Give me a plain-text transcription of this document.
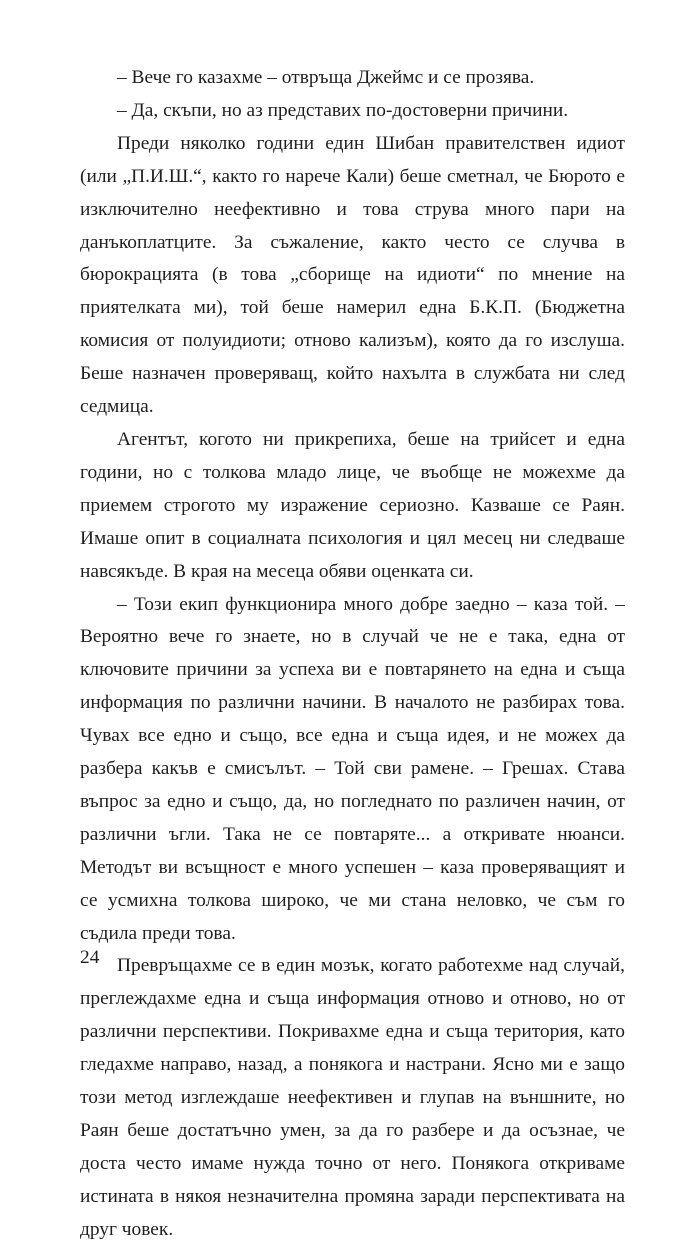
– Вече го казахме – отвръща Джеймс и се прозява.

– Да, скъпи, но аз представих по-достоверни причини.

Преди няколко години един Шибан правителствен идиот (или „П.И.Ш.“, както го нарече Кали) беше сметнал, че Бюрото е изключително неефективно и това струва много пари на данъкоплатците. За съжаление, както често се случва в бюрокрацията (в това „сборище на идиоти“ по мнение на приятелката ми), той беше намерил една Б.К.П. (Бюджетна комисия от полуидиоти; отново кализъм), която да го изслуша. Беше назначен проверяващ, който нахълта в службата ни след седмица.

Агентът, когото ни прикрепиха, беше на трийсет и една години, но с толкова младо лице, че въобще не можехме да приемем строгото му изражение сериозно. Казваше се Раян. Имаше опит в социалната психология и цял месец ни следваше навсякъде. В края на месеца обяви оценката си.

– Този екип функционира много добре заедно – каза той. – Вероятно вече го знаете, но в случай че не е така, една от ключовите причини за успеха ви е повтарянето на една и съща информация по различни начини. В началото не разбирах това. Чувах все едно и също, все една и съща идея, и не можех да разбера какъв е смисълът. – Той сви рамене. – Грешах. Става въпрос за едно и също, да, но погледнато по различен начин, от различни ъгли. Така не се повтаряте... а откривате нюанси. Методът ви всъщност е много успешен – каза проверяващият и се усмихна толкова широко, че ми стана неловко, че съм го съдила преди това.

Превръщахме се в един мозък, когато работехме над случай, преглеждахме една и съща информация отново и отново, но от различни перспективи. Покривахме една и съща територия, като гледахме направо, назад, а понякога и настрани. Ясно ми е защо този метод изглеждаше неефективен и глупав на външните, но Раян беше достатъчно умен, за да го разбере и да осъзнае, че доста често имаме нужда точно от него. Понякога откриваме истината в някоя незначителна промяна заради перспективата на друг човек.

24
